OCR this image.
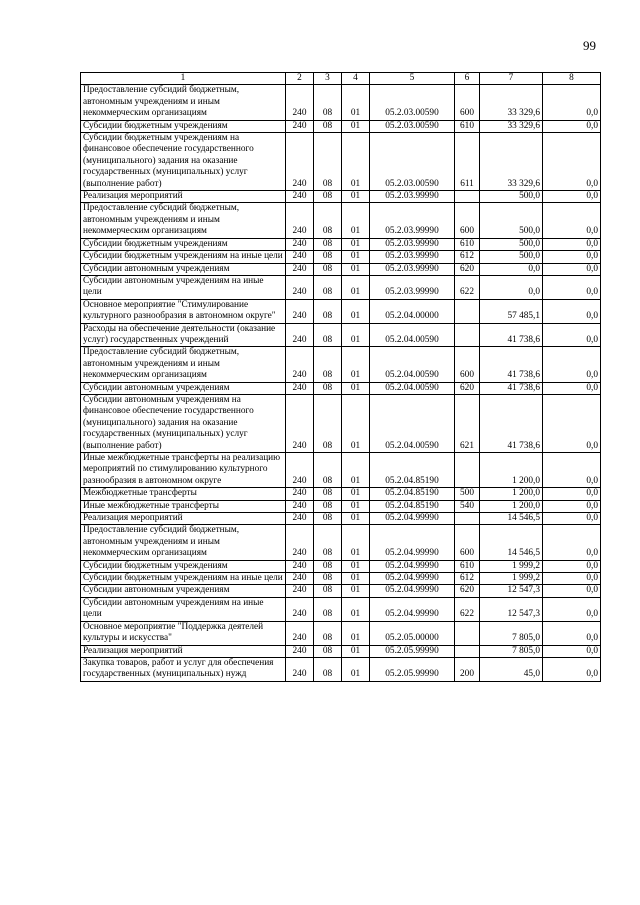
99
1	2	3	4	5	6	7	8
Предоставление субсидий бюджетным, автономным учреждениям и иным некоммерческим организациям	240	08	01	05.2.03.00590	600	33 329,6	0,0
Субсидии бюджетным учреждениям	240	08	01	05.2.03.00590	610	33 329,6	0,0
Субсидии бюджетным учреждениям на финансовое обеспечение государственного (муниципального) задания на оказание государственных (муниципальных) услуг (выполнение работ)	240	08	01	05.2.03.00590	611	33 329,6	0,0
Реализация мероприятий	240	08	01	05.2.03.99990		500,0	0,0
Предоставление субсидий бюджетным, автономным учреждениям и иным некоммерческим организациям	240	08	01	05.2.03.99990	600	500,0	0,0
Субсидии бюджетным учреждениям	240	08	01	05.2.03.99990	610	500,0	0,0
Субсидии бюджетным учреждениям на иные цели	240	08	01	05.2.03.99990	612	500,0	0,0
Субсидии автономным учреждениям	240	08	01	05.2.03.99990	620	0,0	0,0
Субсидии автономным учреждениям на иные цели	240	08	01	05.2.03.99990	622	0,0	0,0
Основное мероприятие "Стимулирование культурного разнообразия в автономном округе"	240	08	01	05.2.04.00000		57 485,1	0,0
Расходы на обеспечение деятельности (оказание услуг) государственных учреждений	240	08	01	05.2.04.00590		41 738,6	0,0
Предоставление субсидий бюджетным, автономным учреждениям и иным некоммерческим организациям	240	08	01	05.2.04.00590	600	41 738,6	0,0
Субсидии автономным учреждениям	240	08	01	05.2.04.00590	620	41 738,6	0,0
Субсидии автономным учреждениям на финансовое обеспечение государственного (муниципального) задания на оказание государственных (муниципальных) услуг (выполнение работ)	240	08	01	05.2.04.00590	621	41 738,6	0,0
Иные межбюджетные трансферты на реализацию мероприятий по стимулированию культурного разнообразия в автономном округе	240	08	01	05.2.04.85190		1 200,0	0,0
Межбюджетные трансферты	240	08	01	05.2.04.85190	500	1 200,0	0,0
Иные межбюджетные трансферты	240	08	01	05.2.04.85190	540	1 200,0	0,0
Реализация мероприятий	240	08	01	05.2.04.99990		14 546,5	0,0
Предоставление субсидий бюджетным, автономным учреждениям и иным некоммерческим организациям	240	08	01	05.2.04.99990	600	14 546,5	0,0
Субсидии бюджетным учреждениям	240	08	01	05.2.04.99990	610	1 999,2	0,0
Субсидии бюджетным учреждениям на иные цели	240	08	01	05.2.04.99990	612	1 999,2	0,0
Субсидии автономным учреждениям	240	08	01	05.2.04.99990	620	12 547,3	0,0
Субсидии автономным учреждениям на иные цели	240	08	01	05.2.04.99990	622	12 547,3	0,0
Основное мероприятие "Поддержка деятелей культуры и искусства"	240	08	01	05.2.05.00000		7 805,0	0,0
Реализация мероприятий	240	08	01	05.2.05.99990		7 805,0	0,0
Закупка товаров, работ и услуг для обеспечения государственных (муниципальных) нужд	240	08	01	05.2.05.99990	200	45,0	0,0
